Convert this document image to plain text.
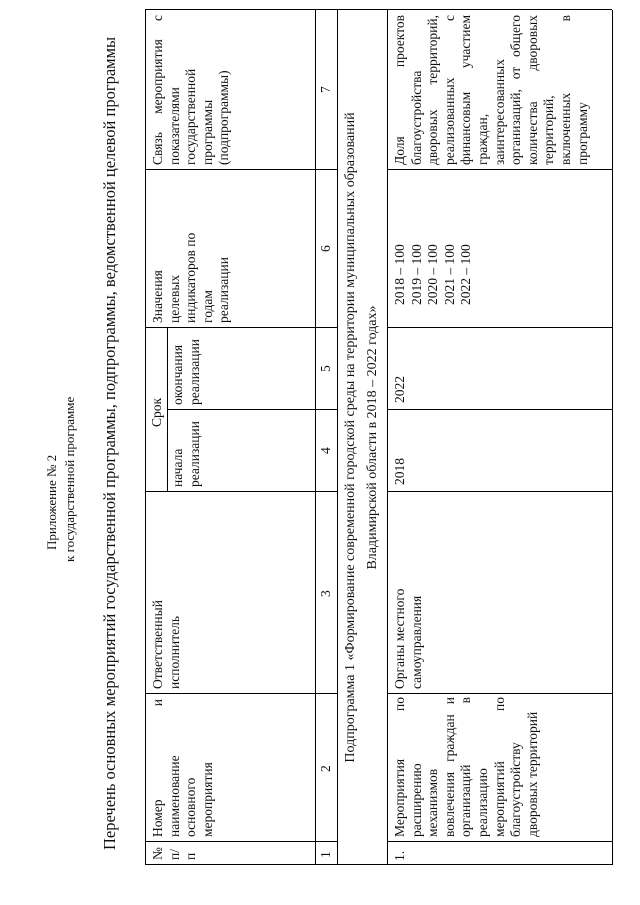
Приложение № 2 к государственной программе Перечень основных мероприятий государственной программы, подпрограммы, ведомственной целевой программы
№ п/ п
Номер и наименование основного мероприятия
Ответственный исполнитель
Срок
начала реализации
окончания реализации
Значения целевых индикаторов по годам реализации
Связь мероприятия с показателями государственной программы (подпрограммы)
1
2
3
4
5
6
7
Подпрограмма 1 «Формирование современной городской среды на территории муниципальных образований Владимирской области в 2018 – 2022 годах»
1.
Мероприятия по расширению механизмов вовлечения граждан и организаций в реализацию мероприятий по благоустройству дворовых территорий
Органы местного самоуправления
2018
2022
2018 – 100 2019 – 100 2020 – 100 2021 – 100 2022 – 100
Доля проектов благоустройства дворовых территорий, реализованных с финансовым участием граждан, заинтересованных организаций, от общего количества дворовых территорий, включенных в программу
